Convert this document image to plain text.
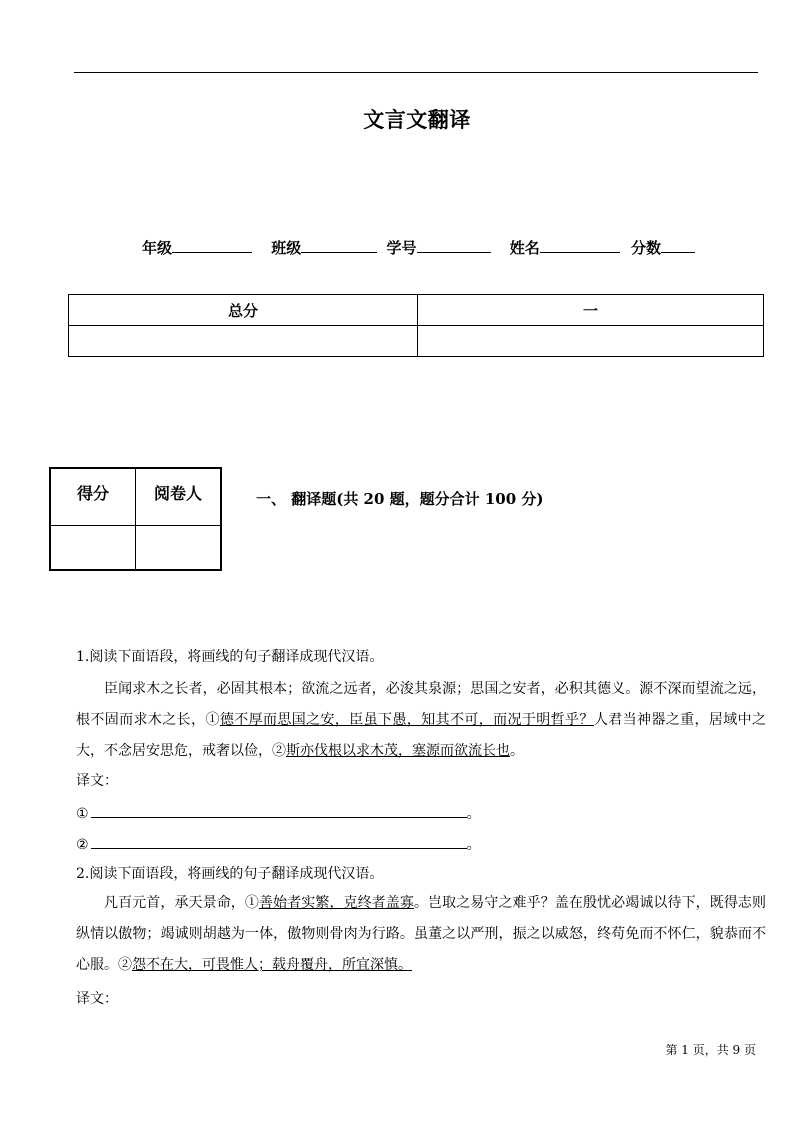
文言文翻译
年级	班级	学号	姓名	分数
总分	一

得分	阅卷人
		一、 翻译题(共 20 题，题分合计 100 分)
1.阅读下面语段，将画线的句子翻译成现代汉语。
臣闻求木之长者，必固其根本；欲流之远者，必浚其泉源；思国之安者，必积其德义。源不深而望流之远，根不固而求木之长，①德不厚而思国之安，臣虽下愚，知其不可，而况于明哲乎？人君当神器之重，居域中之大，不念居安思危，戒奢以俭，②斯亦伐根以求木茂，塞源而欲流长也。
译文：
①	。
②	。
2.阅读下面语段，将画线的句子翻译成现代汉语。
凡百元首，承天景命，①善始者实繁，克终者盖寡。岂取之易守之难乎？盖在殷忧必竭诚以待下，既得志则纵情以傲物；竭诚则胡越为一体，傲物则骨肉为行路。虽董之以严刑，振之以威怒，终苟免而不怀仁，貌恭而不心服。②怨不在大，可畏惟人；载舟覆舟，所宜深慎。
译文：
第 1 页，共 9 页
